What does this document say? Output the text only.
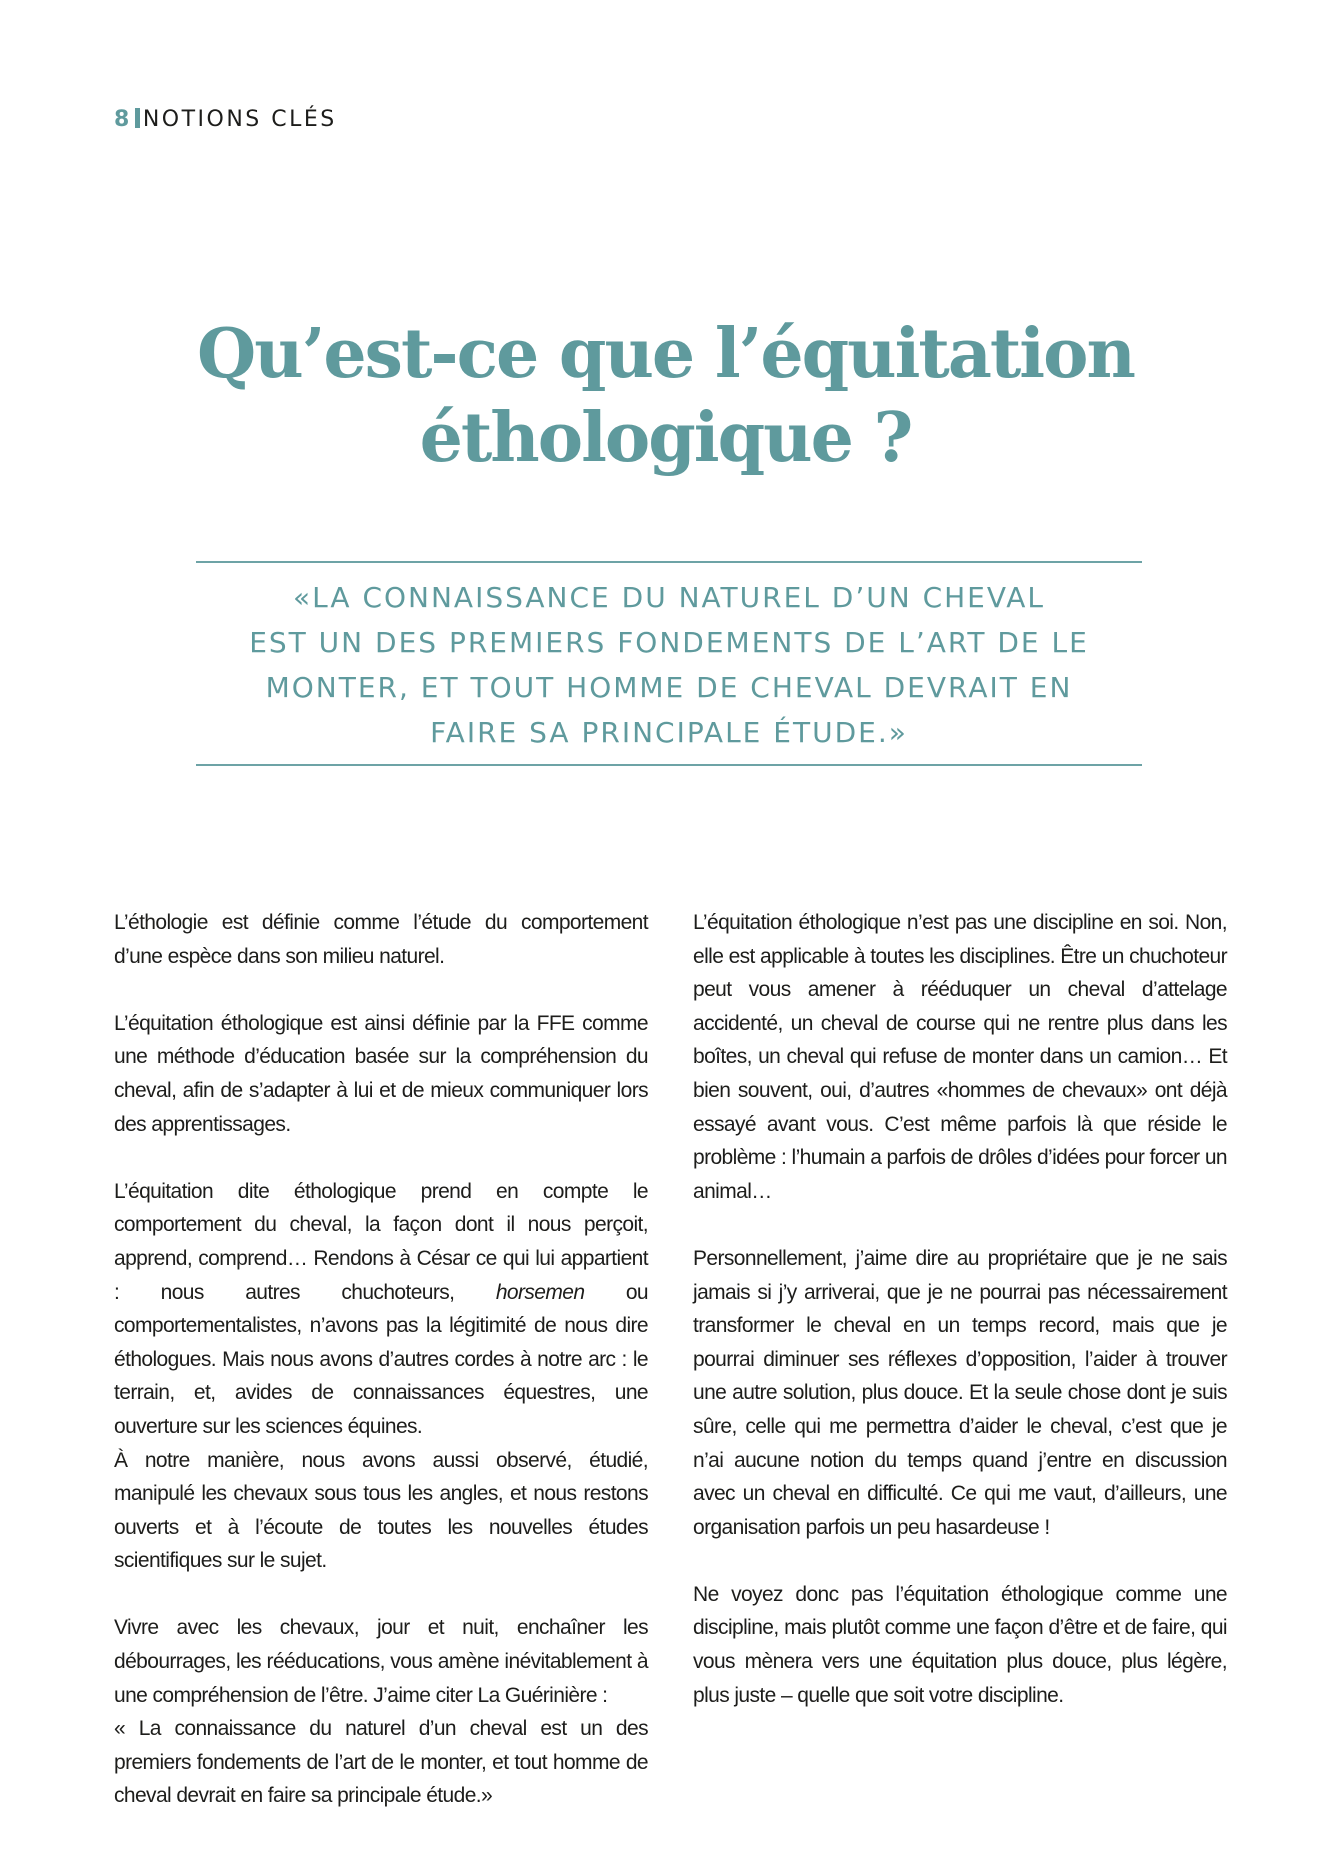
8 NOTIONS CLÉS
Qu’est-ce que l’équitation
éthologique ?
«LA CONNAISSANCE DU NATUREL D’UN CHEVAL
EST UN DES PREMIERS FONDEMENTS DE L’ART DE LE
MONTER, ET TOUT HOMME DE CHEVAL DEVRAIT EN
FAIRE SA PRINCIPALE ÉTUDE.»

L’éthologie est définie comme l’étude du comportement d’une espèce dans son milieu naturel.

L’équitation éthologique est ainsi définie par la FFE comme une méthode d’éducation basée sur la compréhension du cheval, afin de s’adapter à lui et de mieux communiquer lors des apprentissages.

L’équitation dite éthologique prend en compte le comportement du cheval, la façon dont il nous perçoit, apprend, comprend… Rendons à César ce qui lui appartient : nous autres chuchoteurs, horsemen ou comportementalistes, n’avons pas la légitimité de nous dire éthologues. Mais nous avons d’autres cordes à notre arc : le terrain, et, avides de connaissances équestres, une ouverture sur les sciences équines.

À notre manière, nous avons aussi observé, étudié, manipulé les chevaux sous tous les angles, et nous restons ouverts et à l’écoute de toutes les nouvelles études scientifiques sur le sujet.

Vivre avec les chevaux, jour et nuit, enchaîner les débourrages, les rééducations, vous amène inévitablement à une compréhension de l’être. J’aime citer La Guérinière :

« La connaissance du naturel d’un cheval est un des premiers fondements de l’art de le monter, et tout homme de cheval devrait en faire sa principale étude.»

L’équitation éthologique n’est pas une discipline en soi. Non, elle est applicable à toutes les disciplines. Être un chuchoteur peut vous amener à rééduquer un cheval d’attelage accidenté, un cheval de course qui ne rentre plus dans les boîtes, un cheval qui refuse de monter dans un camion… Et bien souvent, oui, d’autres «hommes de chevaux» ont déjà essayé avant vous. C’est même parfois là que réside le problème : l’humain a parfois de drôles d’idées pour forcer un animal…

Personnellement, j’aime dire au propriétaire que je ne sais jamais si j’y arriverai, que je ne pourrai pas nécessairement transformer le cheval en un temps record, mais que je pourrai diminuer ses réflexes d’opposition, l’aider à trouver une autre solution, plus douce. Et la seule chose dont je suis sûre, celle qui me permettra d’aider le cheval, c’est que je n’ai aucune notion du temps quand j’entre en discussion avec un cheval en difficulté. Ce qui me vaut, d’ailleurs, une organisation parfois un peu hasardeuse !

Ne voyez donc pas l’équitation éthologique comme une discipline, mais plutôt comme une façon d’être et de faire, qui vous mènera vers une équitation plus douce, plus légère, plus juste – quelle que soit votre discipline.
